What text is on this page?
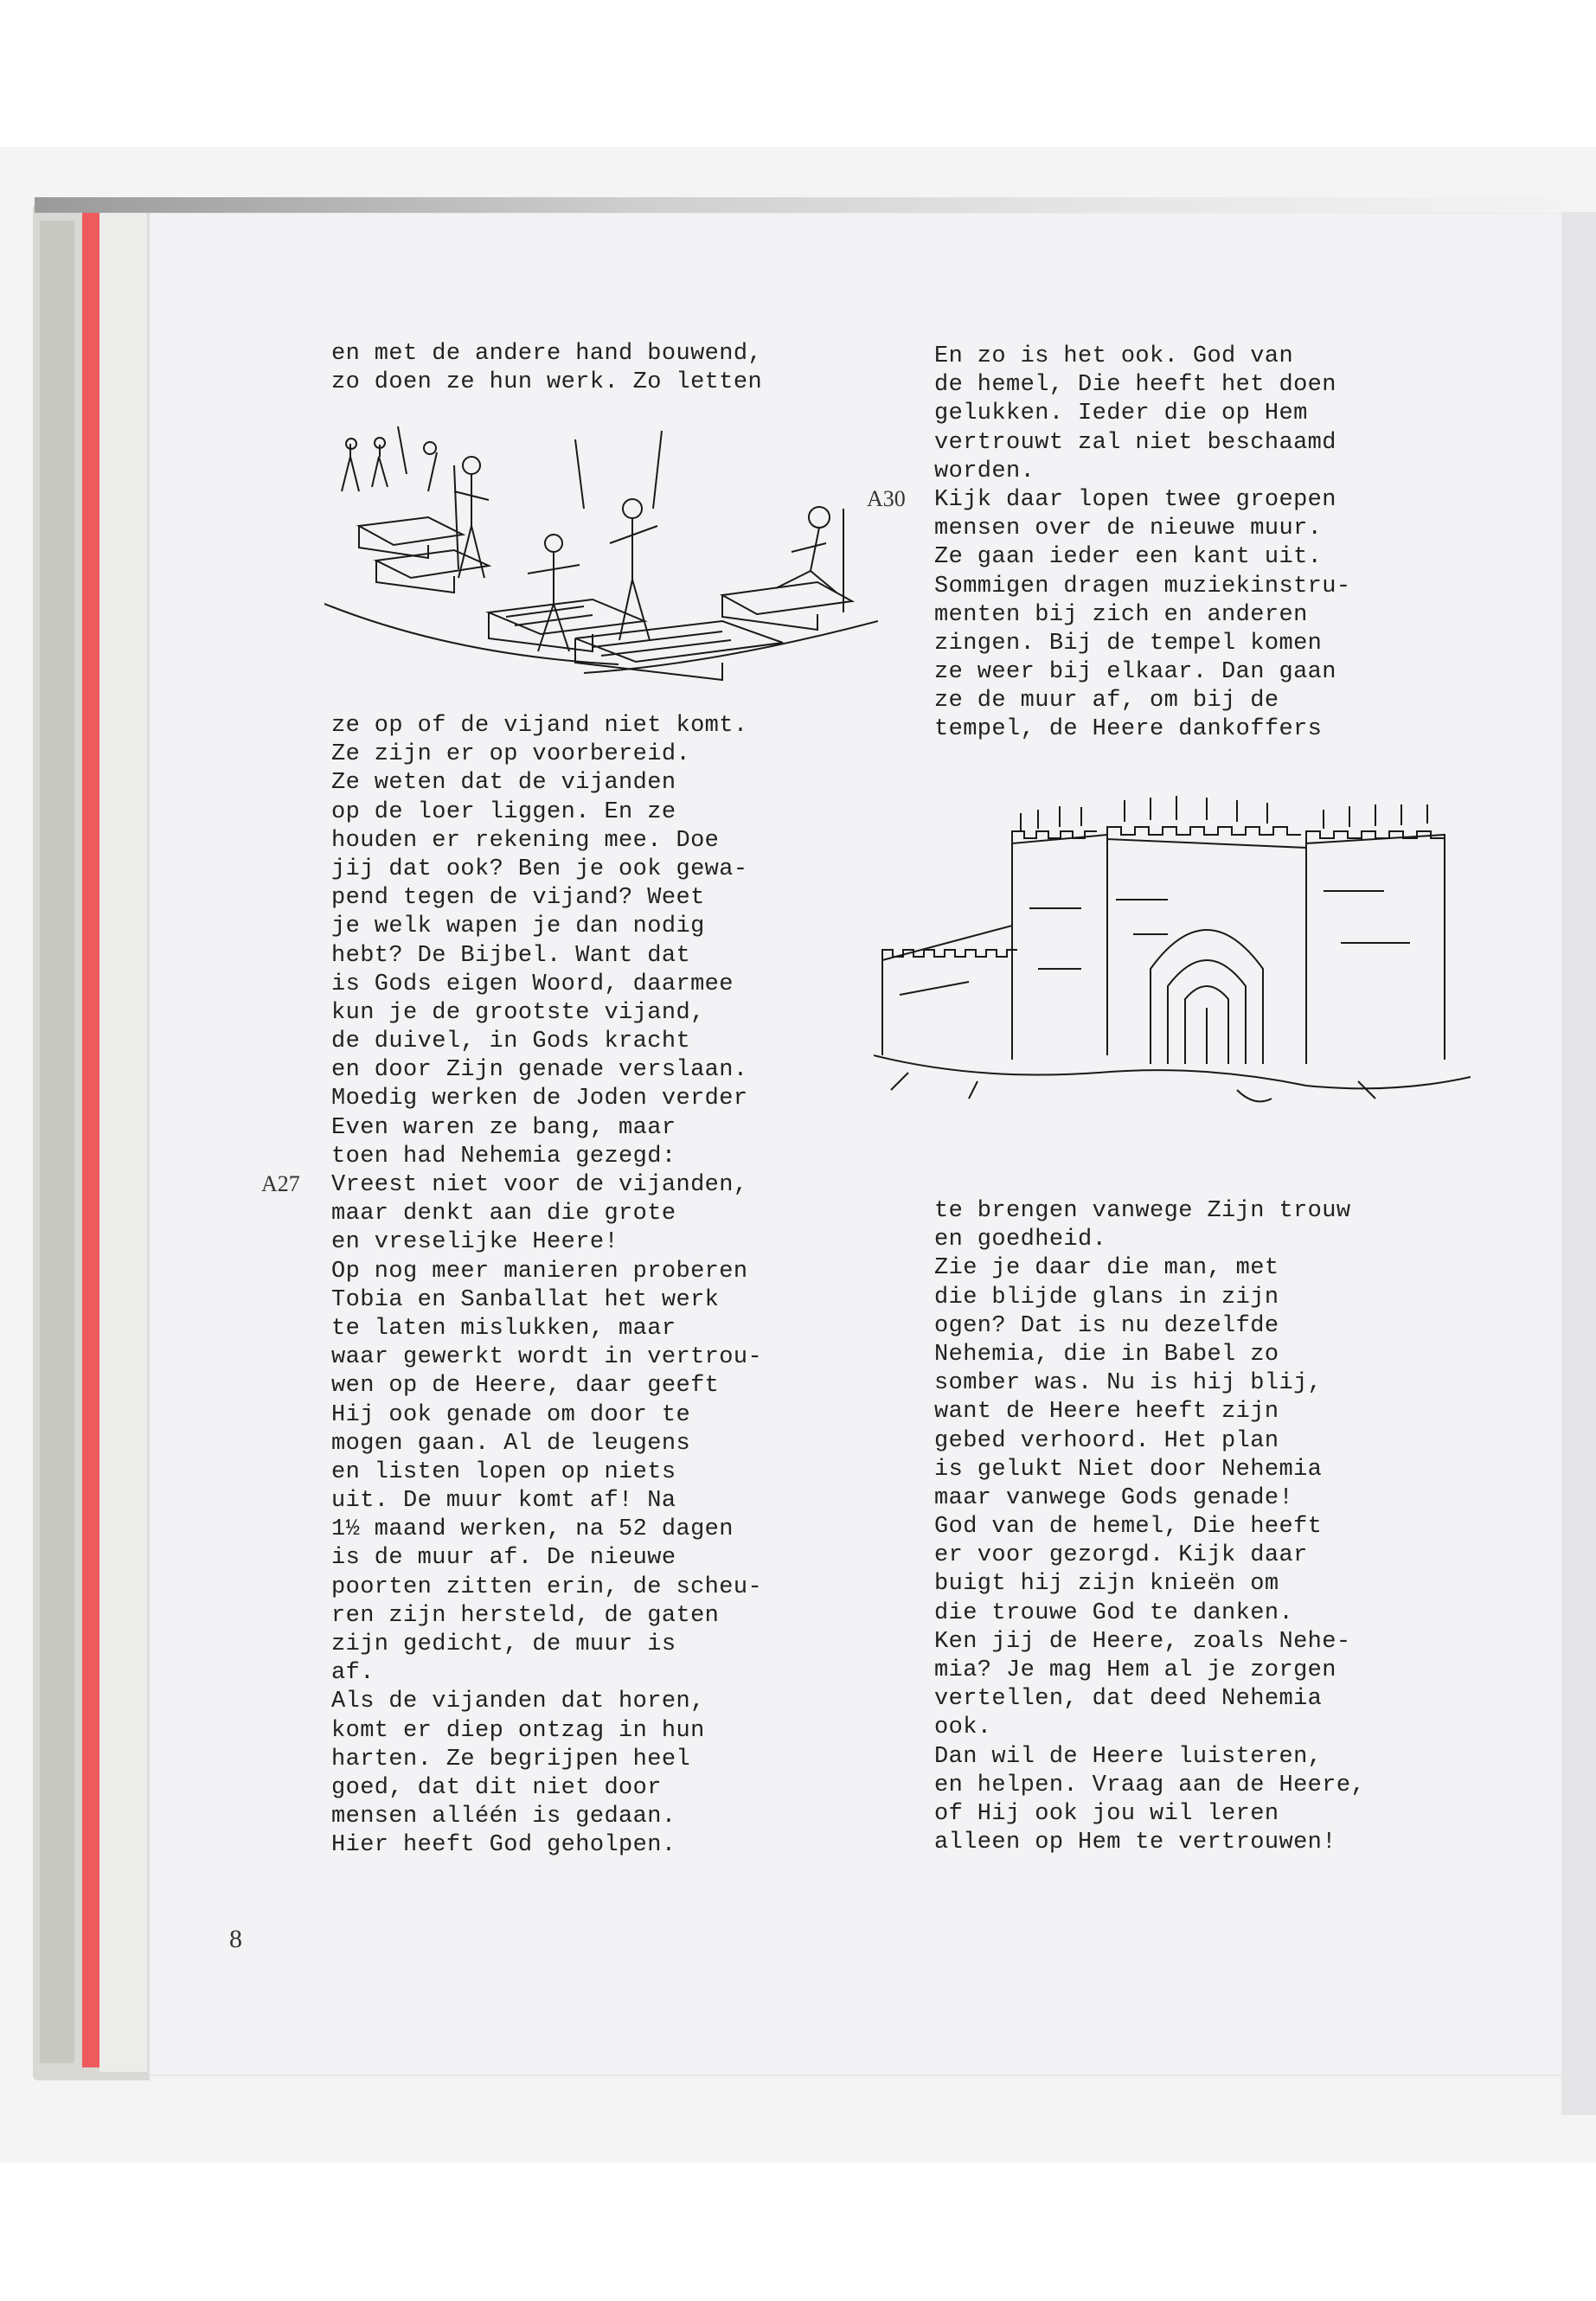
en met de andere hand bouwend,
zo doen ze hun werk. Zo letten
ze op of de vijand niet komt.
Ze zijn er op voorbereid.
Ze weten dat de vijanden
op de loer liggen. En ze
houden er rekening mee. Doe
jij dat ook? Ben je ook gewa-
pend tegen de vijand? Weet
je welk wapen je dan nodig
hebt? De Bijbel. Want dat
is Gods eigen Woord, daarmee
kun je de grootste vijand,
de duivel, in Gods kracht
en door Zijn genade verslaan.
Moedig werken de Joden verder
Even waren ze bang, maar
toen had Nehemia gezegd:
Vreest niet voor de vijanden,
maar denkt aan die grote
en vreselijke Heere!
Op nog meer manieren proberen
Tobia en Sanballat het werk
te laten mislukken, maar
waar gewerkt wordt in vertrou-
wen op de Heere, daar geeft
Hij ook genade om door te
mogen gaan. Al de leugens
en listen lopen op niets
uit. De muur komt af! Na
1½ maand werken, na 52 dagen
is de muur af. De nieuwe
poorten zitten erin, de scheu-
ren zijn hersteld, de gaten
zijn gedicht, de muur is
af.
Als de vijanden dat horen,
komt er diep ontzag in hun
harten. Ze begrijpen heel
goed, dat dit niet door
mensen alléén is gedaan.
Hier heeft God geholpen.
A27
En zo is het ook. God van
de hemel, Die heeft het doen
gelukken. Ieder die op Hem
vertrouwt zal niet beschaamd
worden.
Kijk daar lopen twee groepen
mensen over de nieuwe muur.
Ze gaan ieder een kant uit.
Sommigen dragen muziekinstru-
menten bij zich en anderen
zingen. Bij de tempel komen
ze weer bij elkaar. Dan gaan
ze de muur af, om bij de
tempel, de Heere dankoffers
A30
te brengen vanwege Zijn trouw
en goedheid.
Zie je daar die man, met
die blijde glans in zijn
ogen? Dat is nu dezelfde
Nehemia, die in Babel zo
somber was. Nu is hij blij,
want de Heere heeft zijn
gebed verhoord. Het plan
is gelukt Niet door Nehemia
maar vanwege Gods genade!
God van de hemel, Die heeft
er voor gezorgd. Kijk daar
buigt hij zijn knieën om
die trouwe God te danken.
Ken jij de Heere, zoals Nehe-
mia? Je mag Hem al je zorgen
vertellen, dat deed Nehemia
ook.
Dan wil de Heere luisteren,
en helpen. Vraag aan de Heere,
of Hij ook jou wil leren
alleen op Hem te vertrouwen!
8
